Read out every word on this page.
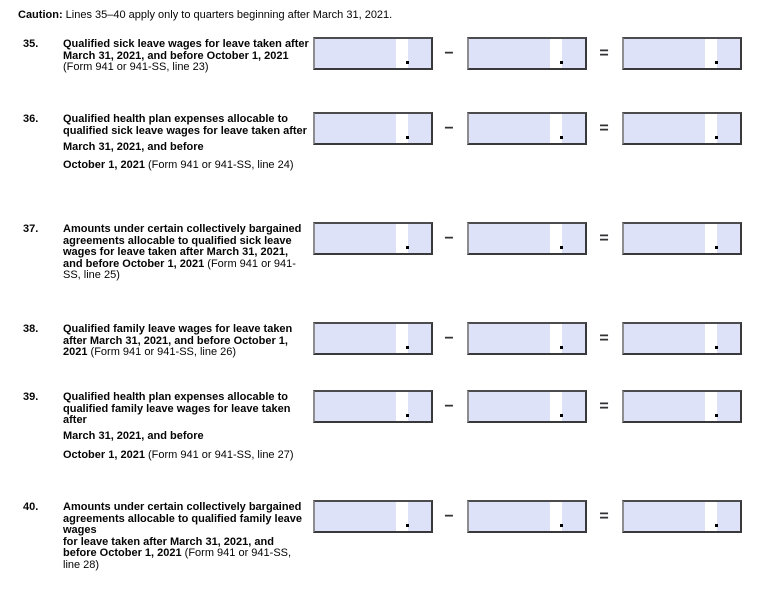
Caution: Lines 35–40 apply only to quarters beginning after March 31, 2021.
35. Qualified sick leave wages for leave taken after March 31, 2021, and before October 1, 2021 (Form 941 or 941-SS, line 23)
−	=
36. Qualified health plan expenses allocable to qualified sick leave wages for leave taken after
March 31, 2021, and before
October 1, 2021 (Form 941 or 941-SS, line 24)
−	=
37. Amounts under certain collectively bargained agreements allocable to qualified sick leave wages for leave taken after March 31, 2021, and before October 1, 2021 (Form 941 or 941-SS, line 25)
−	=
38. Qualified family leave wages for leave taken after March 31, 2021, and before October 1, 2021 (Form 941 or 941-SS, line 26)
−	=
39. Qualified health plan expenses allocable to qualified family leave wages for leave taken after
March 31, 2021, and before
October 1, 2021 (Form 941 or 941-SS, line 27)
−	=
40. Amounts under certain collectively bargained agreements allocable to qualified family leave wages
for leave taken after March 31, 2021, and before October 1, 2021 (Form 941 or 941-SS, line 28)
−	=
